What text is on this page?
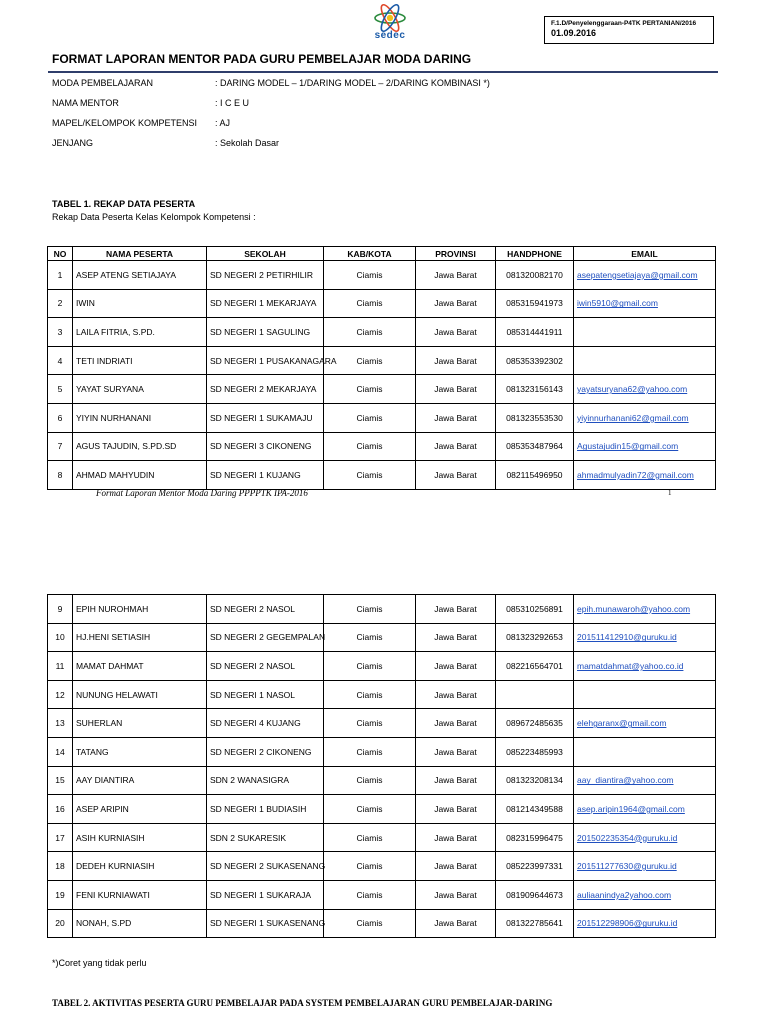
sedec
F.1.D/Penyelenggaraan-P4TK PERTANIAN/2016
01.09.2016
FORMAT LAPORAN MENTOR PADA GURU PEMBELAJAR MODA DARING
MODA PEMBELAJARAN	: DARING MODEL – 1/DARING MODEL – 2/DARING KOMBINASI *)
NAMA MENTOR	: I C E U
MAPEL/KELOMPOK KOMPETENSI : AJ
JENJANG	: Sekolah Dasar
TABEL 1. REKAP DATA PESERTA
Rekap Data Peserta Kelas Kelompok Kompetensi :
NO	NAMA PESERTA	SEKOLAH	KAB/KOTA	PROVINSI	HANDPHONE	EMAIL
1	ASEP ATENG SETIAJAYA	SD NEGERI 2 PETIRHILIR	Ciamis	Jawa Barat	081320082170	asepatengsetiajaya@gmail.com
2	IWIN	SD NEGERI 1 MEKARJAYA	Ciamis	Jawa Barat	085315941973	iwin5910@gmail.com
3	LAILA FITRIA, S.PD.	SD NEGERI 1 SAGULING	Ciamis	Jawa Barat	085314441911	
4	TETI INDRIATI	SD NEGERI 1 PUSAKANAGARA	Ciamis	Jawa Barat	085353392302	
5	YAYAT SURYANA	SD NEGERI 2 MEKARJAYA	Ciamis	Jawa Barat	081323156143	yayatsuryana62@yahoo.com
6	YIYIN NURHANANI	SD NEGERI 1 SUKAMAJU	Ciamis	Jawa Barat	081323553530	yiyinnurhanani62@gmail.com
7	AGUS TAJUDIN, S.PD.SD	SD NEGERI 3 CIKONENG	Ciamis	Jawa Barat	085353487964	Agustajudin15@gmail.com
8	AHMAD MAHYUDIN	SD NEGERI 1 KUJANG	Ciamis	Jawa Barat	082115496950	ahmadmulyadin72@gmail.com
Format Laporan Mentor Moda Daring PPPPTK IPA-2016	1
9	EPIH NUROHMAH	SD NEGERI 2 NASOL	Ciamis	Jawa Barat	085310256891	epih.munawaroh@yahoo.com
10	HJ.HENI SETIASIH	SD NEGERI 2 GEGEMPALAN	Ciamis	Jawa Barat	081323292653	201511412910@guruku.id
11	MAMAT DAHMAT	SD NEGERI 2 NASOL	Ciamis	Jawa Barat	082216564701	mamatdahmat@yahoo.co.id
12	NUNUNG HELAWATI	SD NEGERI 1 NASOL	Ciamis	Jawa Barat		
13	SUHERLAN	SD NEGERI 4 KUJANG	Ciamis	Jawa Barat	089672485635	elehgaranx@gmail.com
14	TATANG	SD NEGERI 2 CIKONENG	Ciamis	Jawa Barat	085223485993	
15	AAY DIANTIRA	SDN 2 WANASIGRA	Ciamis	Jawa Barat	081323208134	aay_diantira@yahoo.com
16	ASEP ARIPIN	SD NEGERI 1 BUDIASIH	Ciamis	Jawa Barat	081214349588	asep.aripin1964@gmail.com
17	ASIH KURNIASIH	SDN 2 SUKARESIK	Ciamis	Jawa Barat	082315996475	201502235354@guruku.id
18	DEDEH KURNIASIH	SD NEGERI 2 SUKASENANG	Ciamis	Jawa Barat	085223997331	201511277630@guruku.id
19	FENI KURNIAWATI	SD NEGERI 1 SUKARAJA	Ciamis	Jawa Barat	081909644673	auliaanindya2yahoo.com
20	NONAH, S.PD	SD NEGERI 1 SUKASENANG	Ciamis	Jawa Barat	081322785641	201512298906@guruku.id
*)Coret yang tidak perlu
TABEL 2. AKTIVITAS PESERTA GURU PEMBELAJAR PADA SYSTEM PEMBELAJARAN GURU PEMBELAJAR-DARING
